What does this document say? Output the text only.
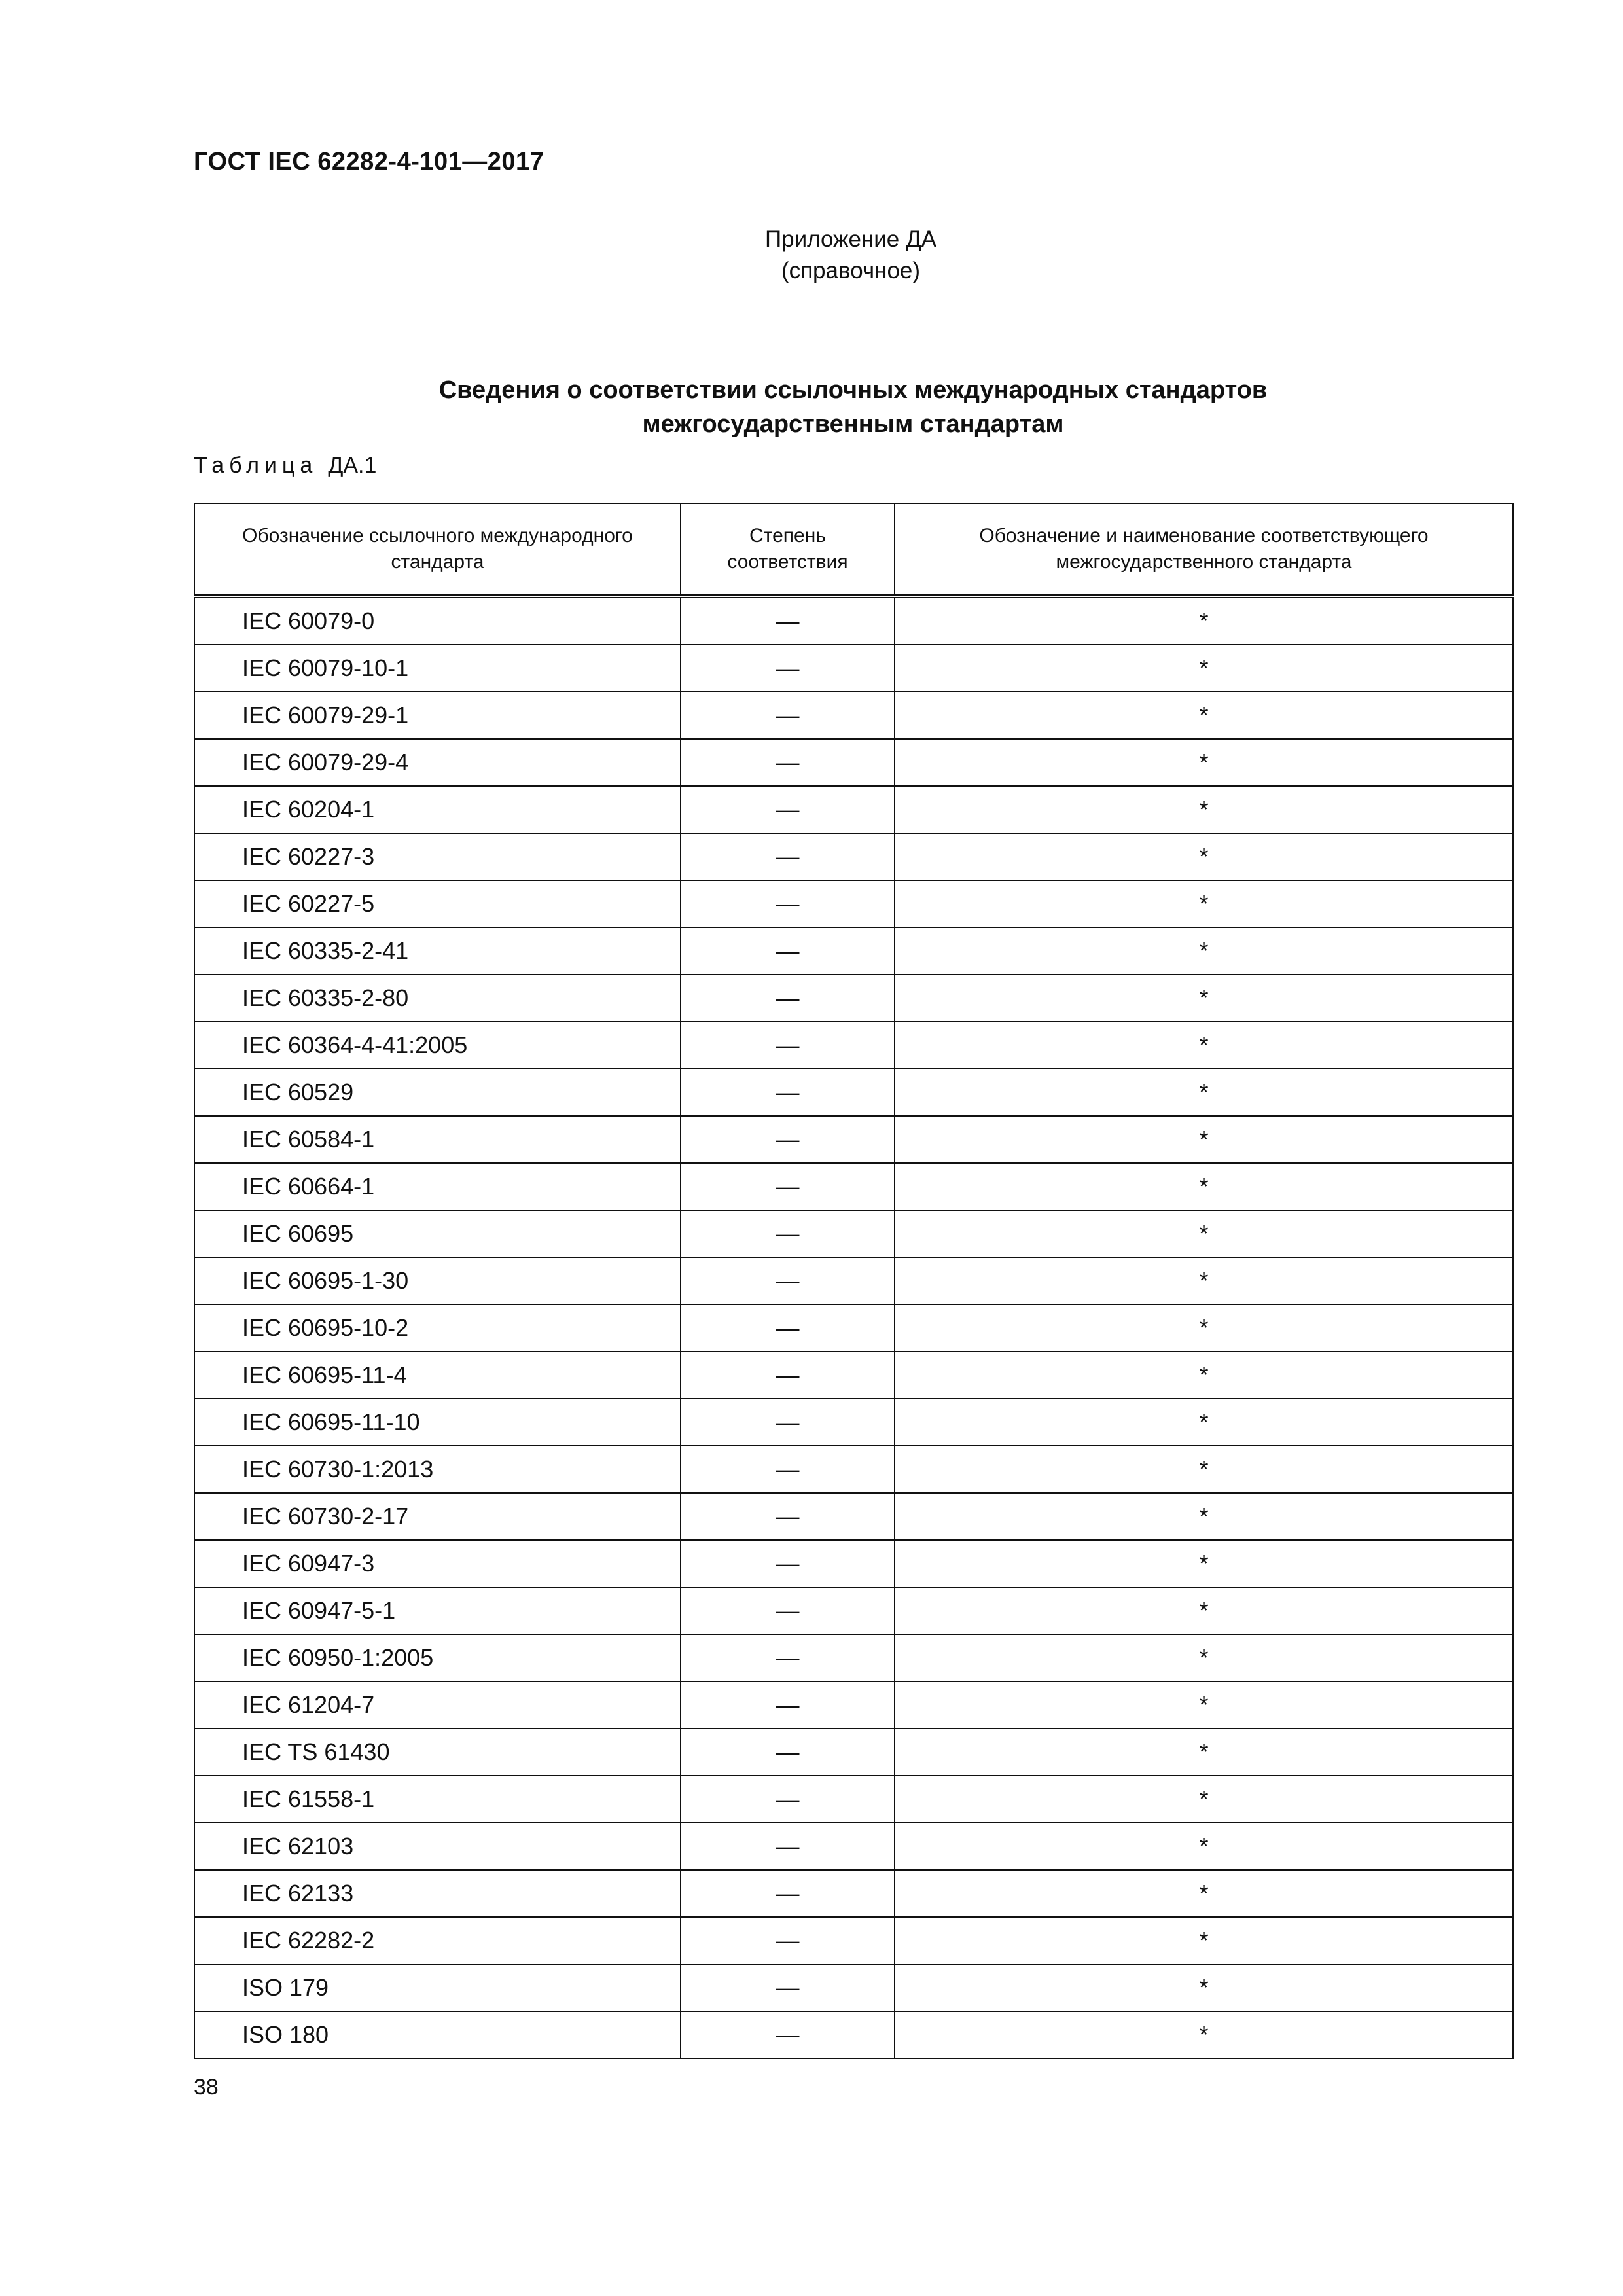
ГОСТ IEC 62282-4-101—2017
Приложение ДА
(справочное)
Сведения о соответствии ссылочных международных стандартов
межгосударственным стандартам
Таблица ДА.1
Обозначение ссылочного международного стандарта	Степень соответствия	Обозначение и наименование соответствующего межгосударственного стандарта
IEC 60079-0	—	*
IEC 60079-10-1	—	*
IEC 60079-29-1	—	*
IEC 60079-29-4	—	*
IEC 60204-1	—	*
IEC 60227-3	—	*
IEC 60227-5	—	*
IEC 60335-2-41	—	*
IEC 60335-2-80	—	*
IEC 60364-4-41:2005	—	*
IEC 60529	—	*
IEC 60584-1	—	*
IEC 60664-1	—	*
IEC 60695	—	*
IEC 60695-1-30	—	*
IEC 60695-10-2	—	*
IEC 60695-11-4	—	*
IEC 60695-11-10	—	*
IEC 60730-1:2013	—	*
IEC 60730-2-17	—	*
IEC 60947-3	—	*
IEC 60947-5-1	—	*
IEC 60950-1:2005	—	*
IEC 61204-7	—	*
IEC TS 61430	—	*
IEC 61558-1	—	*
IEC 62103	—	*
IEC 62133	—	*
IEC 62282-2	—	*
ISO 179	—	*
ISO 180	—	*
38
